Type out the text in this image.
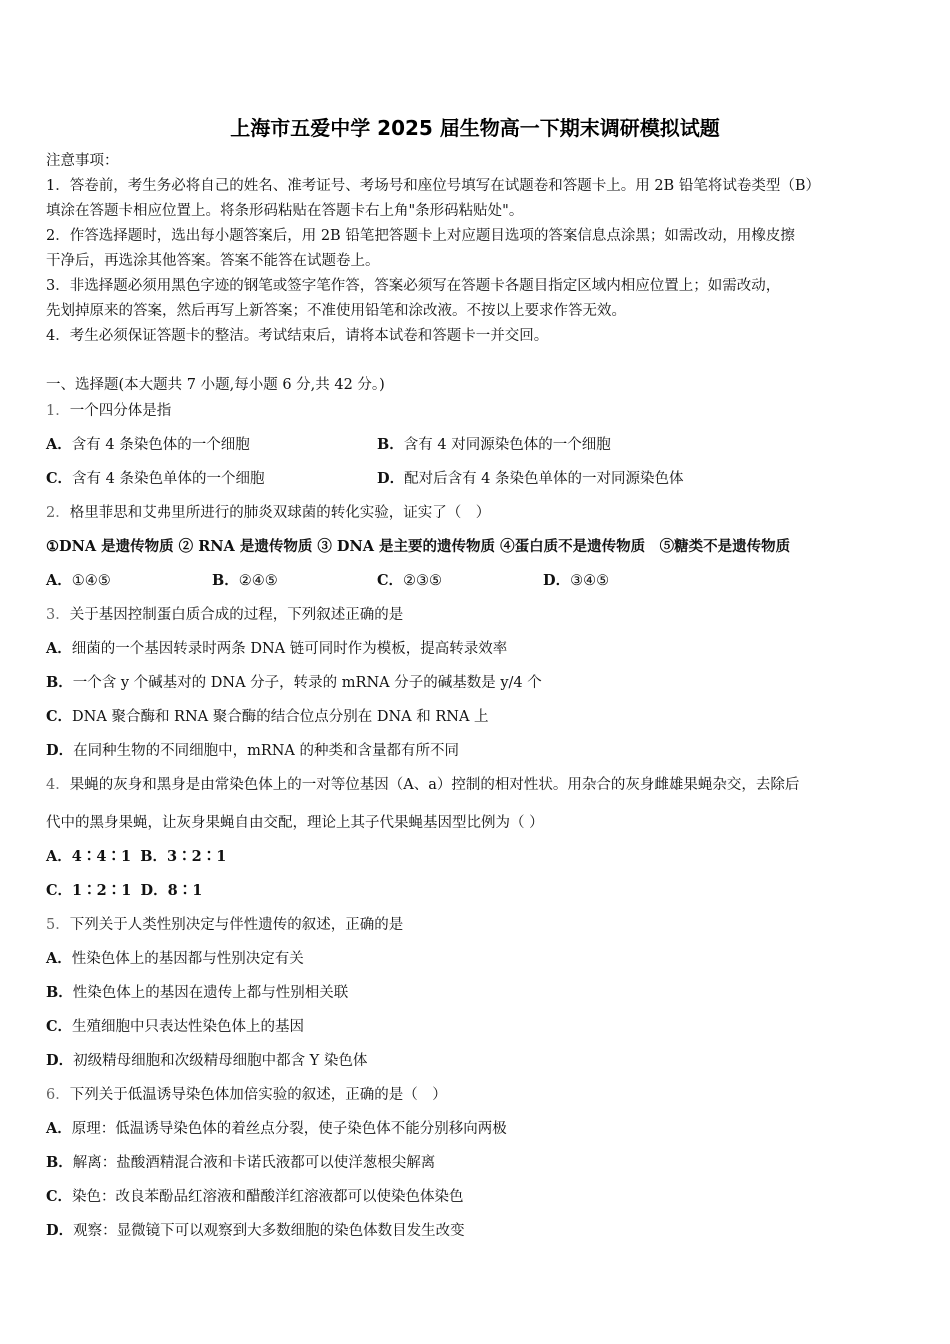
上海市五爱中学 2025 届生物高一下期末调研模拟试题
注意事项：
1．答卷前，考生务必将自己的姓名、准考证号、考场号和座位号填写在试题卷和答题卡上。用 2B 铅笔将试卷类型（B）
填涂在答题卡相应位置上。将条形码粘贴在答题卡右上角"条形码粘贴处"。
2．作答选择题时，选出每小题答案后，用 2B 铅笔把答题卡上对应题目选项的答案信息点涂黑；如需改动，用橡皮擦
干净后，再选涂其他答案。答案不能答在试题卷上。
3．非选择题必须用黑色字迹的钢笔或签字笔作答，答案必须写在答题卡各题目指定区域内相应位置上；如需改动，
先划掉原来的答案，然后再写上新答案；不准使用铅笔和涂改液。不按以上要求作答无效。
4．考生必须保证答题卡的整洁。考试结束后，请将本试卷和答题卡一并交回。
一、选择题(本大题共 7 小题,每小题 6 分,共 42 分。)
1．一个四分体是指
A．含有 4 条染色体的一个细胞	B．含有 4 对同源染色体的一个细胞
C．含有 4 条染色单体的一个细胞	D．配对后含有 4 条染色单体的一对同源染色体
2．格里菲思和艾弗里所进行的肺炎双球菌的转化实验，证实了（　）
①DNA 是遗传物质 ② RNA 是遗传物质 ③ DNA 是主要的遗传物质 ④蛋白质不是遗传物质　⑤糖类不是遗传物质
A．①④⑤	B．②④⑤	C．②③⑤	D．③④⑤
3．关于基因控制蛋白质合成的过程，下列叙述正确的是
A．细菌的一个基因转录时两条 DNA 链可同时作为模板，提高转录效率
B．一个含 y 个碱基对的 DNA 分子，转录的 mRNA 分子的碱基数是 y/4 个
C．DNA 聚合酶和 RNA 聚合酶的结合位点分别在 DNA 和 RNA 上
D．在同种生物的不同细胞中，mRNA 的种类和含量都有所不同
4．果蝇的灰身和黑身是由常染色体上的一对等位基因（A、a）控制的相对性状。用杂合的灰身雌雄果蝇杂交，去除后
代中的黑身果蝇，让灰身果蝇自由交配，理论上其子代果蝇基因型比例为（ ）
A．4∶4∶1 B．3∶2∶1
C．1∶2∶1 D．8∶1
5．下列关于人类性别决定与伴性遗传的叙述，正确的是
A．性染色体上的基因都与性别决定有关
B．性染色体上的基因在遗传上都与性别相关联
C．生殖细胞中只表达性染色体上的基因
D．初级精母细胞和次级精母细胞中都含 Y 染色体
6．下列关于低温诱导染色体加倍实验的叙述，正确的是（　）
A．原理：低温诱导染色体的着丝点分裂，使子染色体不能分别移向两极
B．解离：盐酸酒精混合液和卡诺氏液都可以使洋葱根尖解离
C．染色：改良苯酚品红溶液和醋酸洋红溶液都可以使染色体染色
D．观察：显微镜下可以观察到大多数细胞的染色体数目发生改变
